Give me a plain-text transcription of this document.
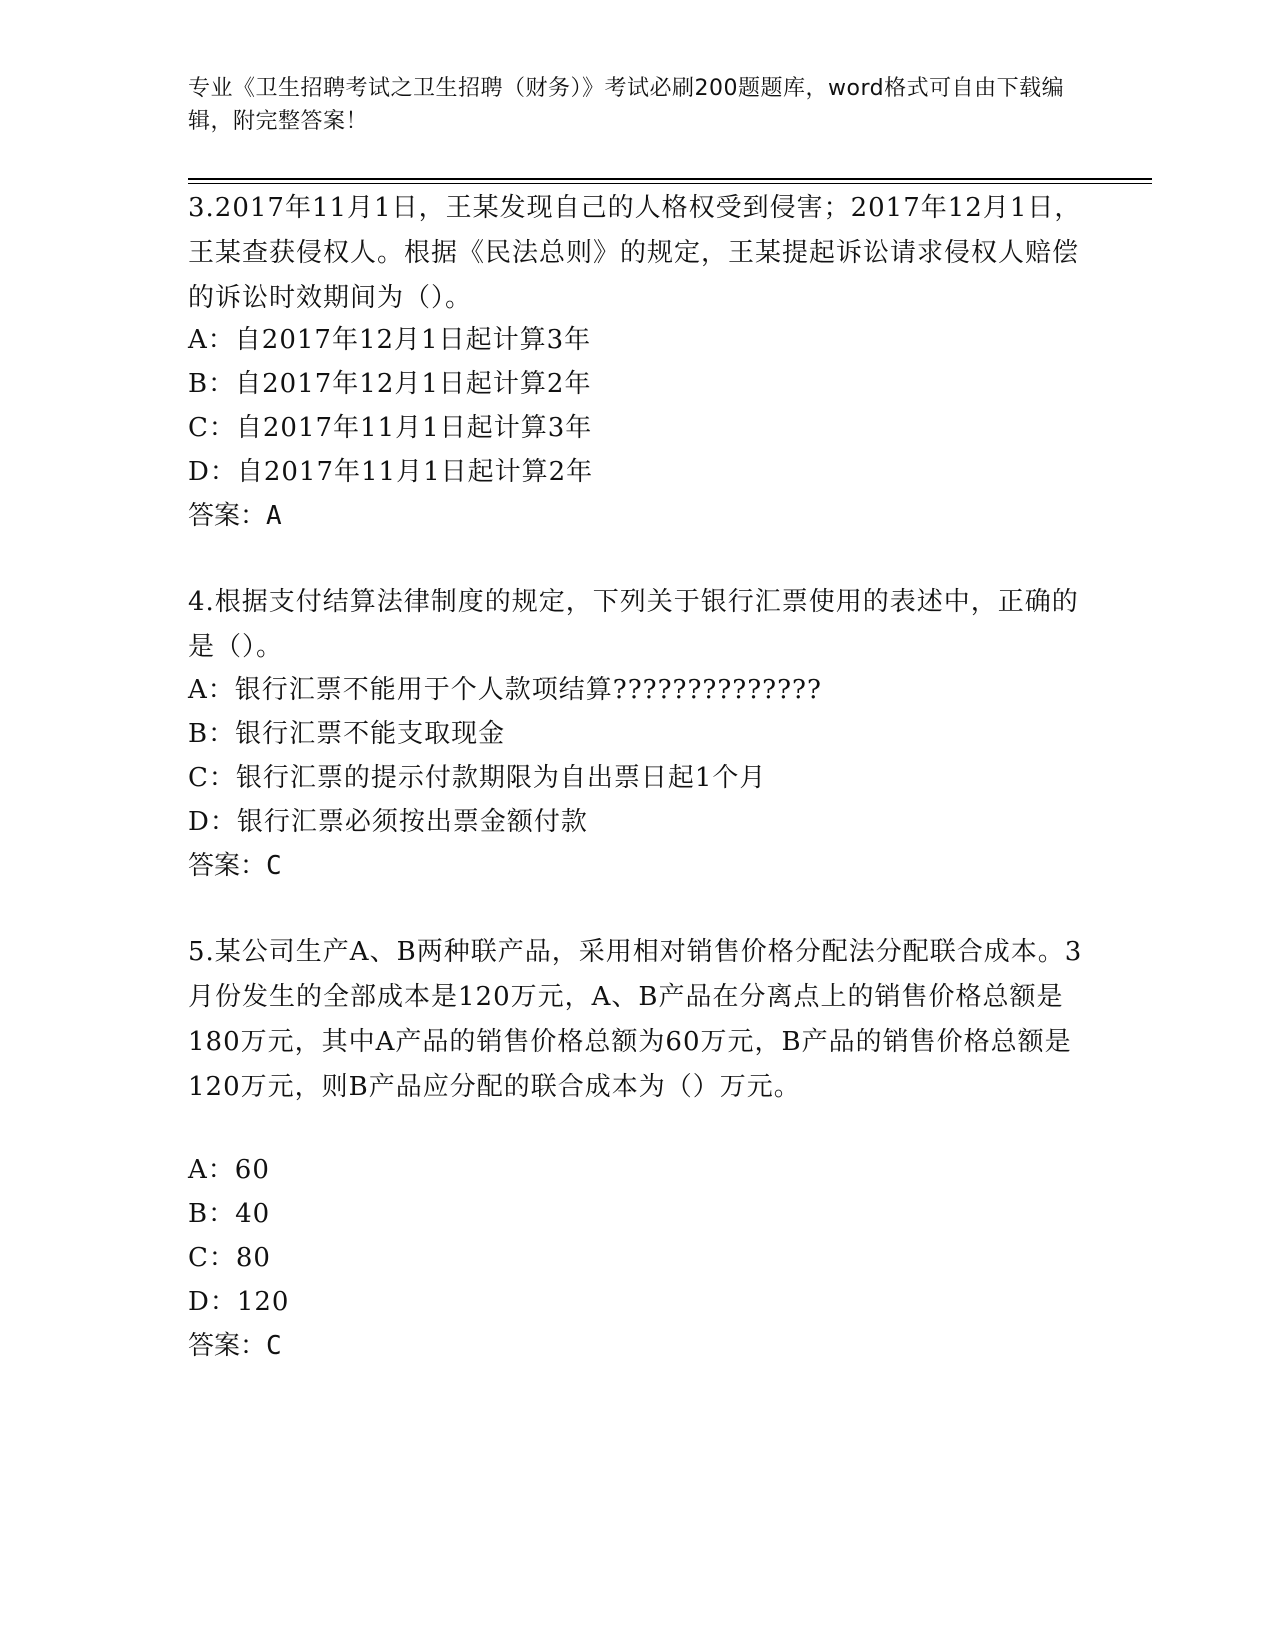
专业《卫生招聘考试之卫生招聘（财务）》考试必刷200题题库，word格式可自由下载编辑，附完整答案！
3.2017年11月1日，王某发现自己的人格权受到侵害；2017年12月1日，王某查获侵权人。根据《民法总则》的规定，王某提起诉讼请求侵权人赔偿的诉讼时效期间为（）。
A：自2017年12月1日起计算3年
B：自2017年12月1日起计算2年
C：自2017年11月1日起计算3年
D：自2017年11月1日起计算2年
答案：A
4.根据支付结算法律制度的规定，下列关于银行汇票使用的表述中，正确的是（）。
A：银行汇票不能用于个人款项结算??????????????
B：银行汇票不能支取现金
C：银行汇票的提示付款期限为自出票日起1个月
D：银行汇票必须按出票金额付款
答案：C
5.某公司生产A、B两种联产品，采用相对销售价格分配法分配联合成本。3月份发生的全部成本是120万元，A、B产品在分离点上的销售价格总额是180万元，其中A产品的销售价格总额为60万元，B产品的销售价格总额是120万元，则B产品应分配的联合成本为（）万元。
A：60
B：40
C：80
D：120
答案：C
